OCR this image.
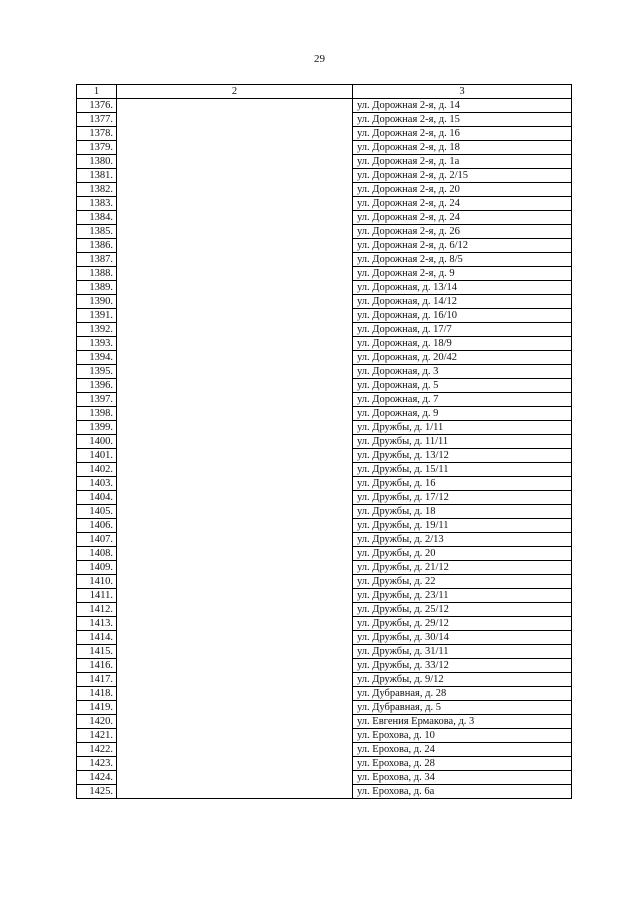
29
1	2	3
1376.		ул. Дорожная 2-я, д. 14
1377.		ул. Дорожная 2-я, д. 15
1378.		ул. Дорожная 2-я, д. 16
1379.		ул. Дорожная 2-я, д. 18
1380.		ул. Дорожная 2-я, д. 1а
1381.		ул. Дорожная 2-я, д. 2/15
1382.		ул. Дорожная 2-я, д. 20
1383.		ул. Дорожная 2-я, д. 24
1384.		ул. Дорожная 2-я, д. 24
1385.		ул. Дорожная 2-я, д. 26
1386.		ул. Дорожная 2-я, д. 6/12
1387.		ул. Дорожная 2-я, д. 8/5
1388.		ул. Дорожная 2-я, д. 9
1389.		ул. Дорожная, д. 13/14
1390.		ул. Дорожная, д. 14/12
1391.		ул. Дорожная, д. 16/10
1392.		ул. Дорожная, д. 17/7
1393.		ул. Дорожная, д. 18/9
1394.		ул. Дорожная, д. 20/42
1395.		ул. Дорожная, д. 3
1396.		ул. Дорожная, д. 5
1397.		ул. Дорожная, д. 7
1398.		ул. Дорожная, д. 9
1399.		ул. Дружбы, д. 1/11
1400.		ул. Дружбы, д. 11/11
1401.		ул. Дружбы, д. 13/12
1402.		ул. Дружбы, д. 15/11
1403.		ул. Дружбы, д. 16
1404.		ул. Дружбы, д. 17/12
1405.		ул. Дружбы, д. 18
1406.		ул. Дружбы, д. 19/11
1407.		ул. Дружбы, д. 2/13
1408.		ул. Дружбы, д. 20
1409.		ул. Дружбы, д. 21/12
1410.		ул. Дружбы, д. 22
1411.		ул. Дружбы, д. 23/11
1412.		ул. Дружбы, д. 25/12
1413.		ул. Дружбы, д. 29/12
1414.		ул. Дружбы, д. 30/14
1415.		ул. Дружбы, д. 31/11
1416.		ул. Дружбы, д. 33/12
1417.		ул. Дружбы, д. 9/12
1418.		ул. Дубравная, д. 28
1419.		ул. Дубравная, д. 5
1420.		ул. Евгения Ермакова, д. 3
1421.		ул. Ерохова, д. 10
1422.		ул. Ерохова, д. 24
1423.		ул. Ерохова, д. 28
1424.		ул. Ерохова, д. 34
1425.		ул. Ерохова, д. 6а
